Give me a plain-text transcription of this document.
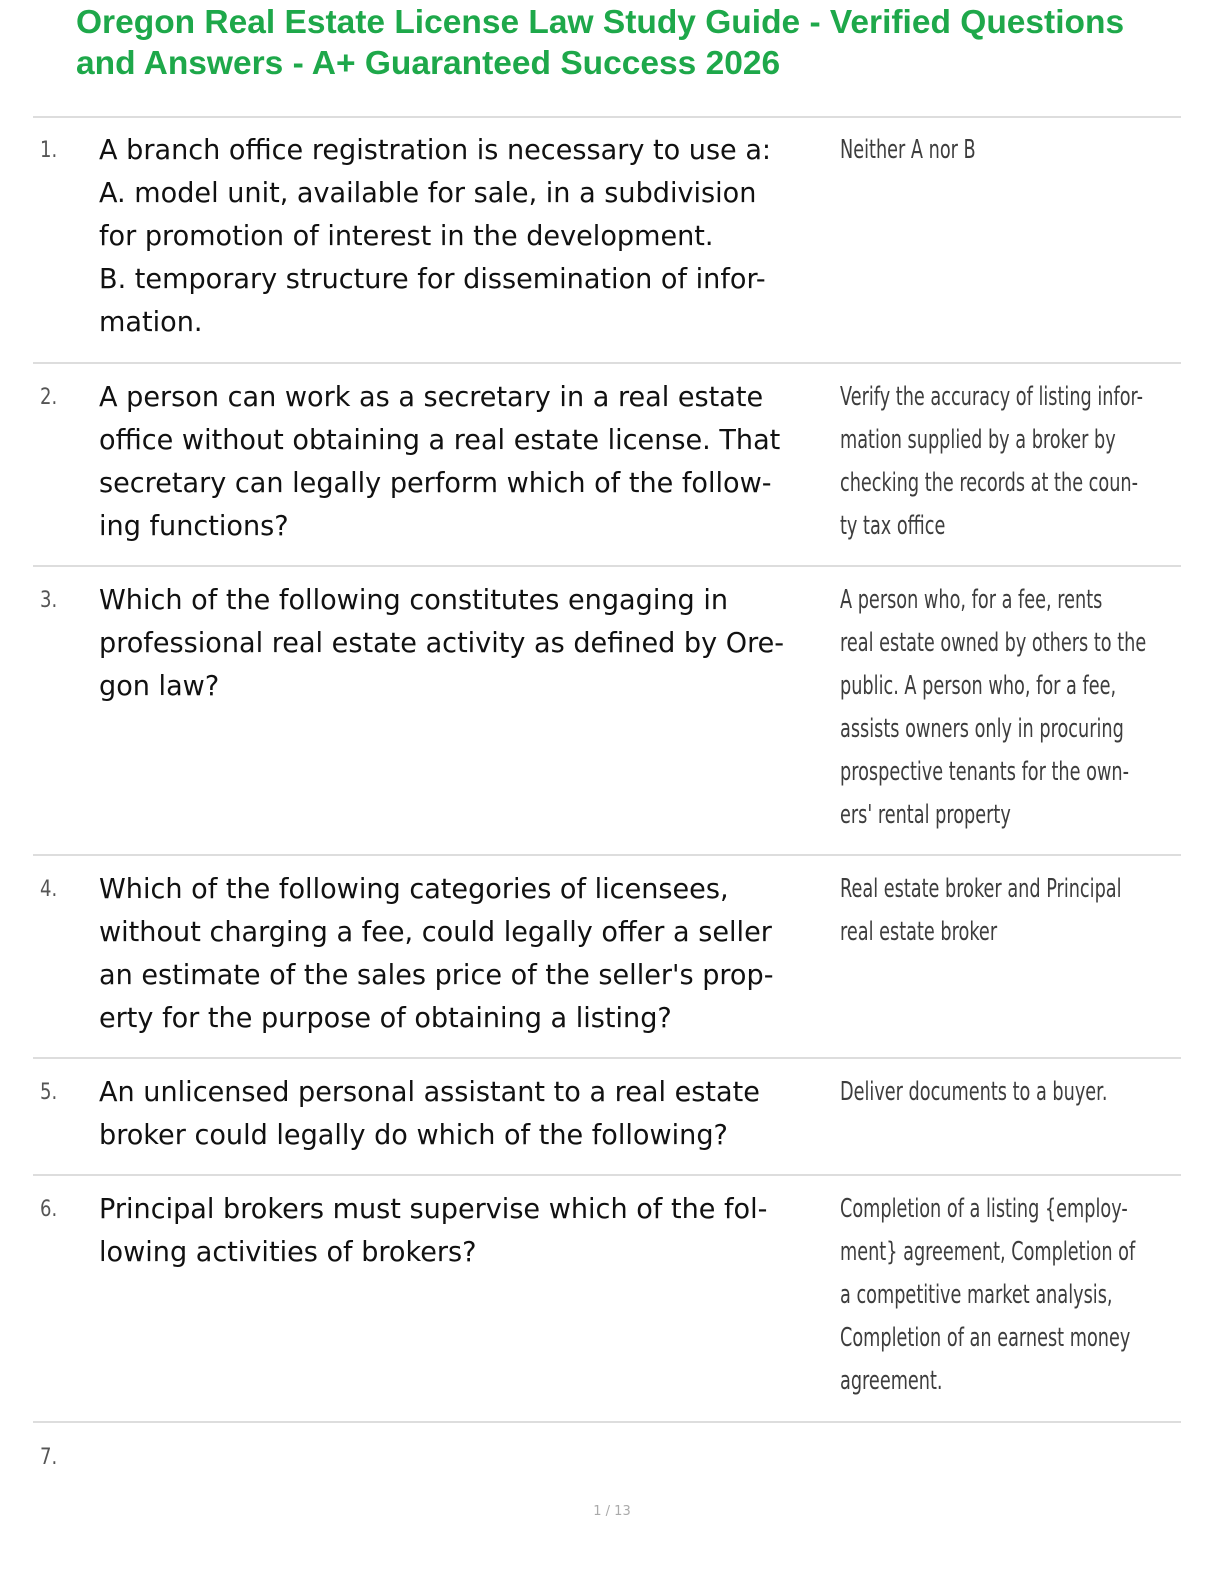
Oregon Real Estate License Law Study Guide - Verified Questions
and Answers - A+ Guaranteed Success 2026
1. A branch office registration is necessary to use a:
A. model unit, available for sale, in a subdivision
for promotion of interest in the development.
B. temporary structure for dissemination of infor-
mation.
Neither A nor B
2. A person can work as a secretary in a real estate
office without obtaining a real estate license. That
secretary can legally perform which of the follow-
ing functions?
Verify the accuracy of listing infor-
mation supplied by a broker by
checking the records at the coun-
ty tax office
3. Which of the following constitutes engaging in
professional real estate activity as defined by Ore-
gon law?
A person who, for a fee, rents
real estate owned by others to the
public. A person who, for a fee,
assists owners only in procuring
prospective tenants for the own-
ers' rental property
4. Which of the following categories of licensees,
without charging a fee, could legally offer a seller
an estimate of the sales price of the seller's prop-
erty for the purpose of obtaining a listing?
Real estate broker and Principal
real estate broker
5. An unlicensed personal assistant to a real estate
broker could legally do which of the following?
Deliver documents to a buyer.
6. Principal brokers must supervise which of the fol-
lowing activities of brokers?
Completion of a listing {employ-
ment} agreement, Completion of
a competitive market analysis,
Completion of an earnest money
agreement.
7.
1 / 13
